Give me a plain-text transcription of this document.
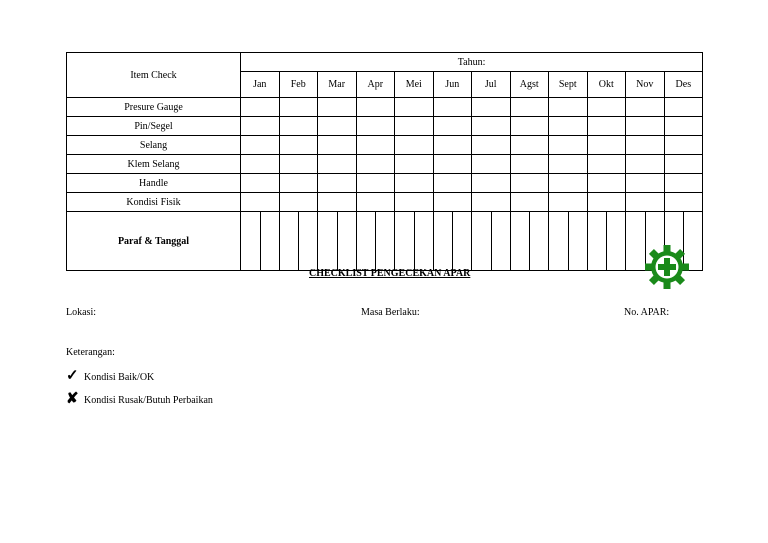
Item Check	Tahun:											
	Jan	Feb	Mar	Apr	Mei	Jun	Jul	Agst	Sept	Okt	Nov	Des
Presure Gauge												
Pin/Segel												
Selang												
Klem Selang												
Handle												
Kondisi Fisik												
Paraf & Tanggal	

CHECKLIST PENGECEKAN APAR
Lokasi:	Masa Berlaku:	No. APAR:
Keterangan:
✓ Kondisi Baik/OK
✘ Kondisi Rusak/Butuh Perbaikan
